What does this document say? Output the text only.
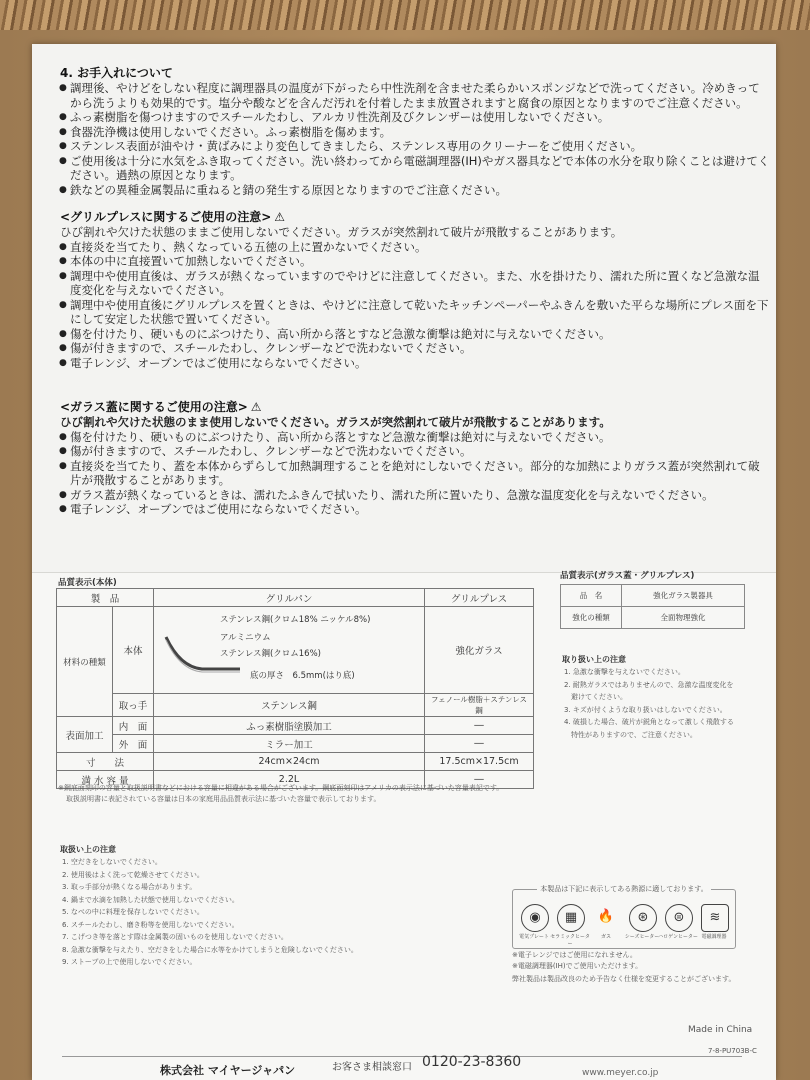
4. お手入れについて
● 調理後、やけどをしない程度に調理器具の温度が下がったら中性洗剤を含ませた柔らかいスポンジなどで洗ってください。冷めきってから洗うよりも効果的です。塩分や酸などを含んだ汚れを付着したまま放置されますと腐食の原因となりますのでご注意ください。
● ふっ素樹脂を傷つけますのでスチールたわし、アルカリ性洗剤及びクレンザーは使用しないでください。
● 食器洗浄機は使用しないでください。ふっ素樹脂を傷めます。
● ステンレス表面が油やけ・黄ばみにより変色してきましたら、ステンレス専用のクリーナーをご使用ください。
● ご使用後は十分に水気をふき取ってください。洗い終わってから電磁調理器(IH)やガス器具などで本体の水分を取り除くことは避けてください。過熱の原因となります。
● 鉄などの異種金属製品に重ねると錆の発生する原因となりますのでご注意ください。
<グリルプレスに関するご使用の注意> ⚠

ひび割れや欠けた状態のままご使用しないでください。ガラスが突然割れて破片が飛散することがあります。

● 直接炎を当てたり、熱くなっている五徳の上に置かないでください。
● 本体の中に直接置いて加熱しないでください。
● 調理中や使用直後は、ガラスが熱くなっていますのでやけどに注意してください。また、水を掛けたり、濡れた所に置くなど急激な温度変化を与えないでください。
● 調理中や使用直後にグリルプレスを置くときは、やけどに注意して乾いたキッチンペーパーやふきんを敷いた平らな場所にプレス面を下にして安定した状態で置いてください。
● 傷を付けたり、硬いものにぶつけたり、高い所から落とすなど急激な衝撃は絶対に与えないでください。
● 傷が付きますので、スチールたわし、クレンザーなどで洗わないでください。
● 電子レンジ、オーブンではご使用にならないでください。
<ガラス蓋に関するご使用の注意> ⚠

ひび割れや欠けた状態のまま使用しないでください。ガラスが突然割れて破片が飛散することがあります。

● 傷を付けたり、硬いものにぶつけたり、高い所から落とすなど急激な衝撃は絶対に与えないでください。
● 傷が付きますので、スチールたわし、クレンザーなどで洗わないでください。
● 直接炎を当てたり、蓋を本体からずらして加熱調理することを絶対にしないでください。部分的な加熱によりガラス蓋が突然割れて破片が飛散することがあります。
● ガラス蓋が熱くなっているときは、濡れたふきんで拭いたり、濡れた所に置いたり、急激な温度変化を与えないでください。
● 電子レンジ、オーブンではご使用にならないでください。
品質表示(本体)
製　品		グリルパン	グリルプレス
材料の種類	本体	ステンレス鋼(クロム18% ニッケル8%)
アルミニウム
ステンレス鋼(クロム16%)
底の厚さ　6.5mm(はり底)	強化ガラス
	取っ手	ステンレス鋼	フェノール樹脂＋ステンレス鋼
表面加工	内　面	ふっ素樹脂塗膜加工	―
	外　面	ミラー加工	―
寸　　法		24cm×24cm	17.5cm×17.5cm
満 水 容 量		2.2L	―
※鋼底面刻印の容量と取扱説明書などにおける容量に相違がある場合がございます。鋼底面刻印はアメリカの表示法に基づいた容量表記です。
取扱説明書に表記されている容量は日本の家庭用品品質表示法に基づいた容量で表示しております。
品質表示(ガラス蓋・グリルプレス)
品　名	強化ガラス製器具
強化の種類	全面物理強化
取り扱い上の注意
1. 急激な衝撃を与えないでください。
2. 耐熱ガラスではありませんので、急激な温度変化を
　避けてください。
3. キズが付くような取り扱いはしないでください。
4. 破損した場合、破片が鋭角となって激しく飛散する
　特性がありますので、ご注意ください。
取扱い上の注意
1. 空だきをしないでください。
2. 使用後はよく洗って乾燥させてください。
3. 取っ手部分が熱くなる場合があります。
4. 鍋まで水滴を加熱した状態で使用しないでください。
5. なべの中に料理を保存しないでください。
6. スチールたわし、磨き粉等を使用しないでください。
7. こげつき等を落とす際は金属製の固いものを使用しないでください。
8. 急激な衝撃を与えたり、空だきをした場合に水等をかけてしまうと危険しないでください。
9. ストーブの上で使用しないでください。
本製品は下記に表示してある熱源に適しております。
◉	▦	🔥	⊛	⊜	≋
電気プレート セラミックヒーター
ガス	シーズヒーター
ハロゲンヒーター 電磁調理器
※電子レンジではご使用になれません。
※電磁調理器(IH)でご使用いただけます。
弊社製品は製品改良のため予告なく仕様を変更することがございます。
Made in China
7-8-PU703B-C
株式会社 マイヤージャパン	お客さま相談窓口 0120-23-8360
www.meyer.co.jp
